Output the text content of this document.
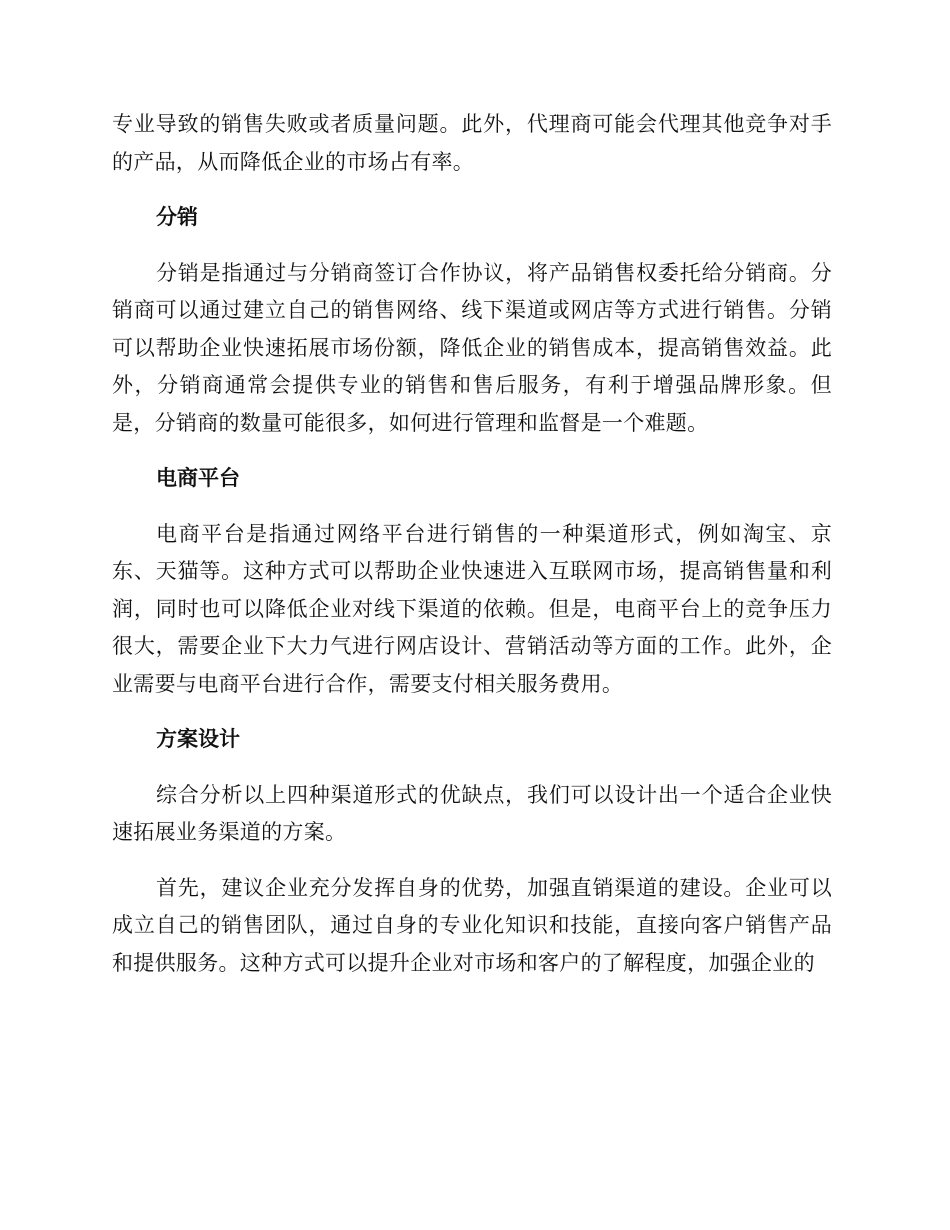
专业导致的销售失败或者质量问题。此外，代理商可能会代理其他竞争对手的产品，从而降低企业的市场占有率。

分销

分销是指通过与分销商签订合作协议，将产品销售权委托给分销商。分销商可以通过建立自己的销售网络、线下渠道或网店等方式进行销售。分销可以帮助企业快速拓展市场份额，降低企业的销售成本，提高销售效益。此外，分销商通常会提供专业的销售和售后服务，有利于增强品牌形象。但是，分销商的数量可能很多，如何进行管理和监督是一个难题。

电商平台

电商平台是指通过网络平台进行销售的一种渠道形式，例如淘宝、京东、天猫等。这种方式可以帮助企业快速进入互联网市场，提高销售量和利润，同时也可以降低企业对线下渠道的依赖。但是，电商平台上的竞争压力很大，需要企业下大力气进行网店设计、营销活动等方面的工作。此外，企业需要与电商平台进行合作，需要支付相关服务费用。

方案设计

综合分析以上四种渠道形式的优缺点，我们可以设计出一个适合企业快速拓展业务渠道的方案。

首先，建议企业充分发挥自身的优势，加强直销渠道的建设。企业可以成立自己的销售团队，通过自身的专业化知识和技能，直接向客户销售产品和提供服务。这种方式可以提升企业对市场和客户的了解程度，加强企业的
